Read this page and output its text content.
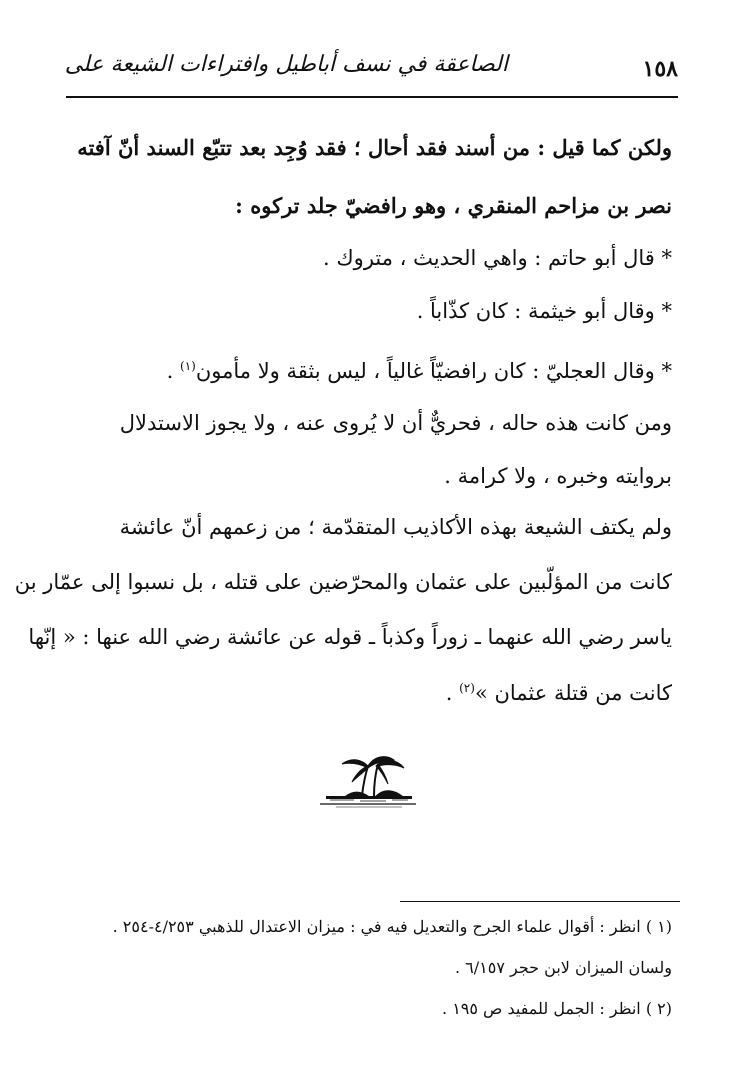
١٥٨
الصاعقة في نسف أباطيل وافتراءات الشيعة على
ولكن كما قيل : من أسند فقد أحال ؛ فقد وُجِد بعد تتبّع السند أنّ آفته
نصر بن مزاحم المنقري ، وهو رافضيّ جلد تركوه :
* قال أبو حاتم : واهي الحديث ، متروك .
* وقال أبو خيثمة : كان كذّاباً .
* وقال العجليّ : كان رافضيّاً غالياً ، ليس بثقة ولا مأمون$^{(١)}$ .
ومن كانت هذه حاله ، فحريٌّ أن لا يُروى عنه ، ولا يجوز الاستدلال
بروايته وخبره ، ولا كرامة .
ولم يكتف الشيعة بهذه الأكاذيب المتقدّمة ؛ من زعمهم أنّ عائشة
كانت من المؤلّبين على عثمان والمحرّضين على قتله ، بل نسبوا إلى عمّار بن
ياسر رضي الله عنهما ـ زوراً وكذباً ـ قوله عن عائشة رضي الله عنها : « إنّها
كانت من قتلة عثمان »$^{(٢)}$ .
(١ ) انظر : أقوال علماء الجرح والتعديل فيه في : ميزان الاعتدال للذهبي ٤/٢٥٣-٢٥٤ .
ولسان الميزان لابن حجر ٦/١٥٧ .
(٢ ) انظر : الجمل للمفيد ص ١٩٥ .
